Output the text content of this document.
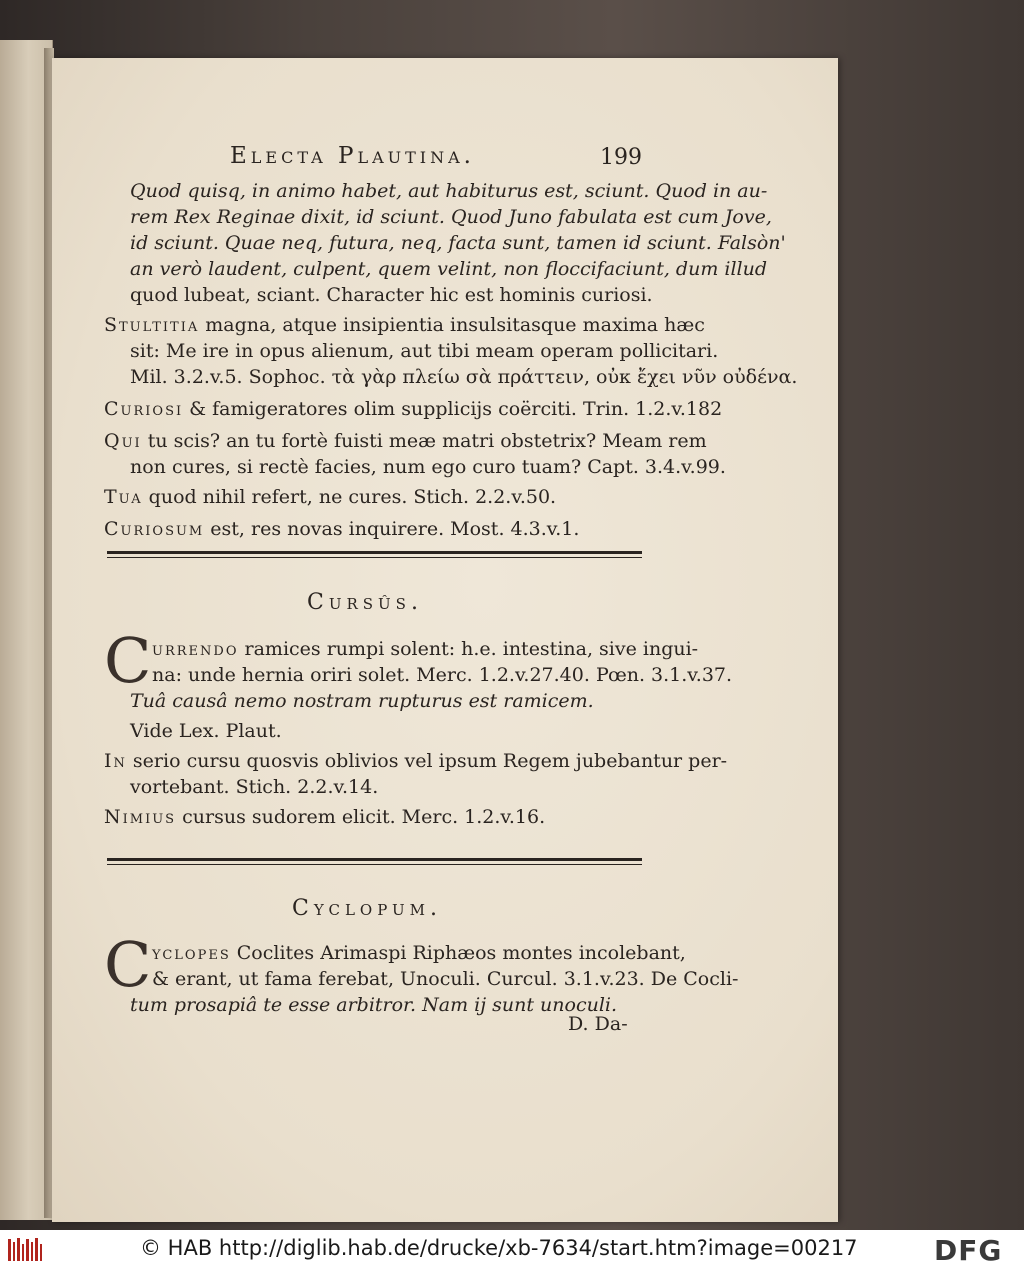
Electa Plautina.	199
Quod quisq, in animo habet, aut habiturus est, sciunt. Quod in au-
rem Rex Reginae dixit, id sciunt. Quod Juno fabulata est cum Jove,
id sciunt. Quae neq, futura, neq, facta sunt, tamen id sciunt. Falsòn'
an verò laudent, culpent, quem velint, non floccifaciunt, dum illud
quod lubeat, sciant. Character hic est hominis curiosi.
Stultitia magna, atque insipientia insulsitasque maxima hæc
sit: Me ire in opus alienum, aut tibi meam operam pollicitari.
Mil. 3.2.v.5. Sophoc. τὰ γὰρ πλείω σὰ πράττειν, οὐκ ἔχει νῦν οὐδένα.
Curiosi & famigeratores olim supplicijs coërciti. Trin. 1.2.v.182
Qui tu scis? an tu fortè fuisti meæ matri obstetrix? Meam rem
non cures, si rectè facies, num ego curo tuam? Capt. 3.4.v.99.
Tua quod nihil refert, ne cures. Stich. 2.2.v.50.
Curiosum est, res novas inquirere. Most. 4.3.v.1.
Cursûs.
C urrendo ramices rumpi solent: h.e. intestina, sive ingui-
na: unde hernia oriri solet. Merc. 1.2.v.27.40. Pœn. 3.1.v.37.
Tuâ causâ nemo nostram rupturus est ramicem.
Vide Lex. Plaut.
In serio cursu quosvis oblivios vel ipsum Regem jubebantur per-
vortebant. Stich. 2.2.v.14.
Nimius cursus sudorem elicit. Merc. 1.2.v.16.
Cyclopum.
C yclopes Coclites Arimaspi Riphæos montes incolebant,
& erant, ut fama ferebat, Unoculi. Curcul. 3.1.v.23. De Cocli-
tum prosapiâ te esse arbitror. Nam ij sunt unoculi.
D. Da-
© HAB http://diglib.hab.de/drucke/xb-7634/start.htm?image=00217	DFG
